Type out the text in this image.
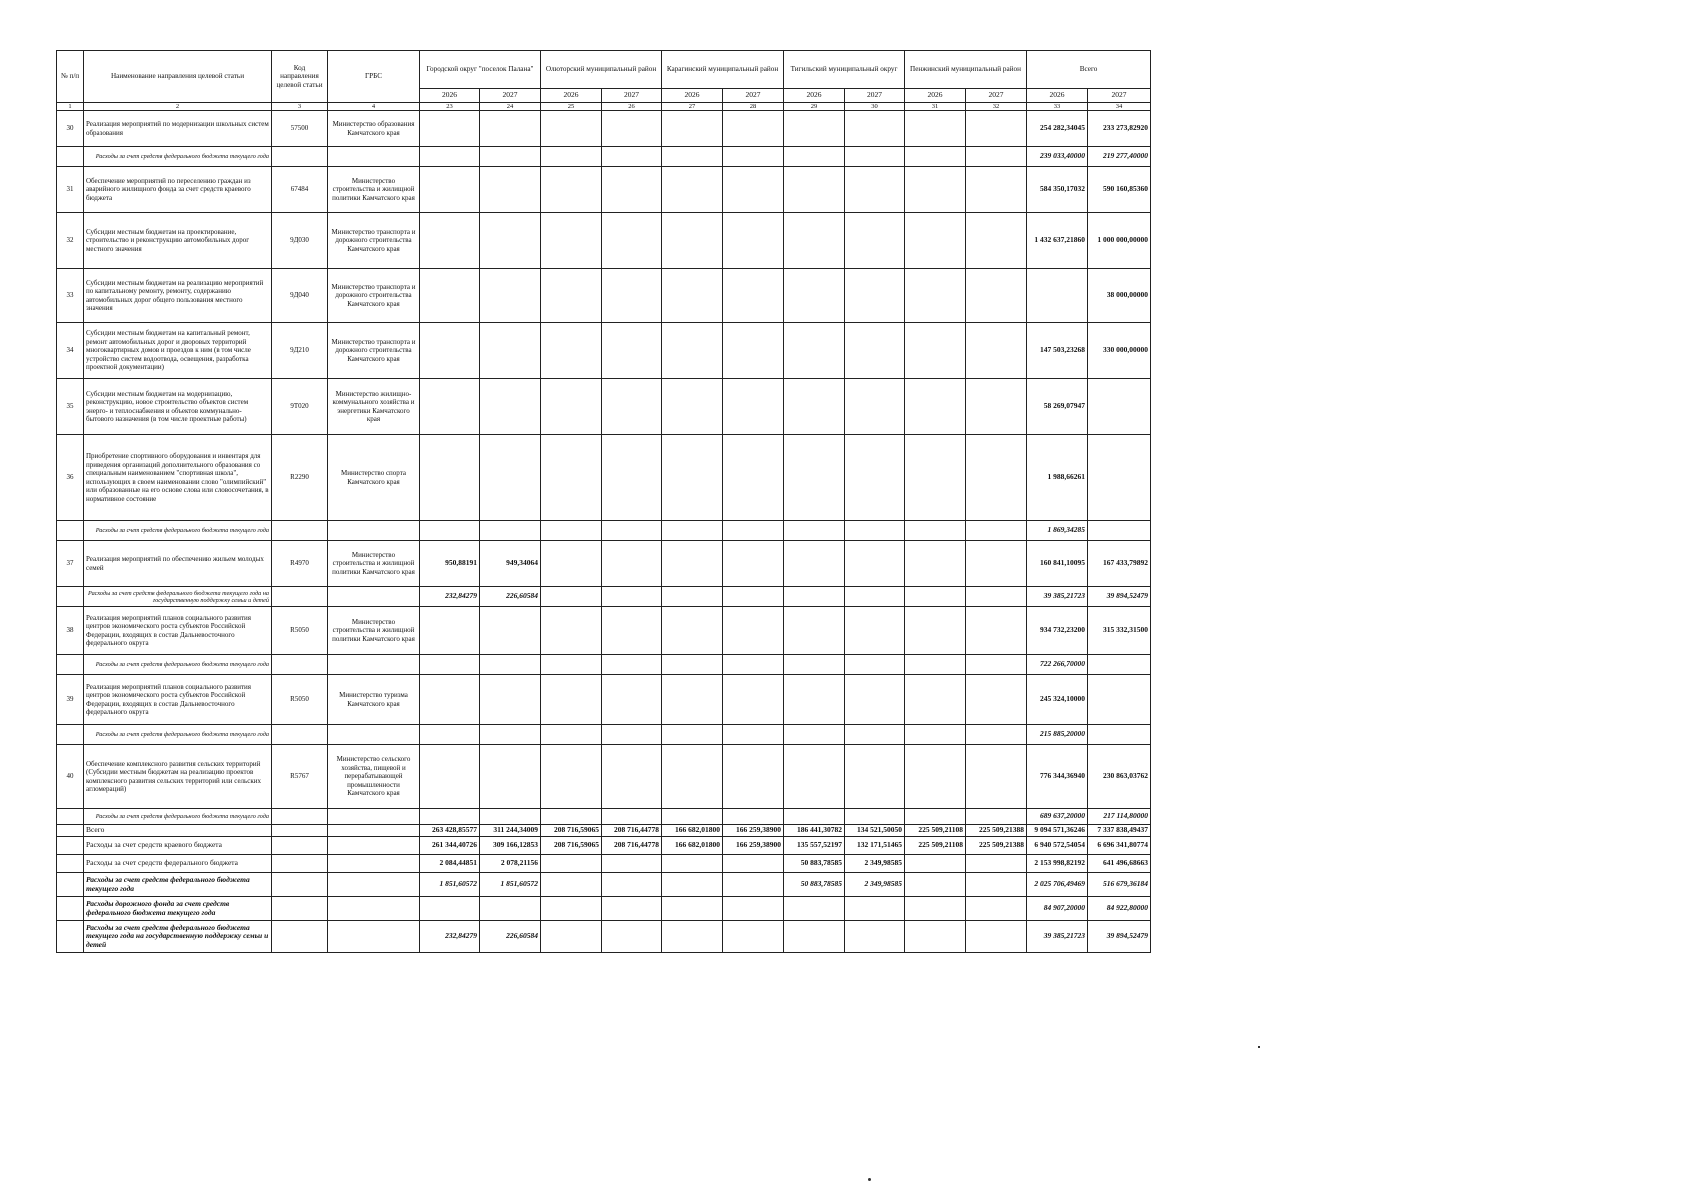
№ п/п	Наименование направления целевой статьи	Код направления целевой статьи	ГРБС	Городской округ "поселок Палана"		Олюторский муниципальный район		Карагинский муниципальный район		Тигильский муниципальный округ		Пенжинский муниципальный район		Всего	
				2026	2027	2026	2027	2026	2027	2026	2027	2026	2027	2026	2027
1	2	3	4	23	24	25	26	27	28	29	30	31	32	33	34
30	Реализация мероприятий по модернизации школьных систем образования	57500	Министерство образования Камчатского края											254 282,34045	233 273,82920
	Расходы за счет средств федерального бюджета текущего года													239 033,40000	219 277,40000
31	Обеспечение мероприятий по переселению граждан из аварийного жилищного фонда за счет средств краевого бюджета	67484	Министерство строительства и жилищной политики Камчатского края											584 350,17032	590 160,85360
32	Субсидии местным бюджетам на проектирование, строительство и реконструкцию автомобильных дорог местного значения	9Д030	Министерство транспорта и дорожного строительства Камчатского края											1 432 637,21860	1 000 000,00000
33	Субсидии местным бюджетам на реализацию мероприятий по капитальному ремонту, ремонту, содержанию автомобильных дорог общего пользования местного значения	9Д040	Министерство транспорта и дорожного строительства Камчатского края												38 000,00000
34	Субсидии местным бюджетам на капитальный ремонт, ремонт автомобильных дорог и дворовых территорий многоквартирных домов и проездов к ним (в том числе устройство систем водоотвода, освещения, разработка проектной документации)	9Д210	Министерство транспорта и дорожного строительства Камчатского края											147 503,23268	330 000,00000
35	Субсидии местным бюджетам на модернизацию, реконструкцию, новое строительство объектов систем энерго- и теплоснабжения и объектов коммунально-бытового назначения (в том числе проектные работы)	9Т020	Министерство жилищно-коммунального хозяйства и энергетики Камчатского края											58 269,07947	
36	Приобретение спортивного оборудования и инвентаря для приведения организаций дополнительного образования со специальным наименованием "спортивная школа", использующих в своем наименовании слово "олимпийский" или образованные на его основе слова или словосочетания, в нормативное состояние	R2290	Министерство спорта Камчатского края											1 988,66261	
	Расходы за счет средств федерального бюджета текущего года													1 869,34285	
37	Реализация мероприятий по обеспечению жильем молодых семей	R4970	Министерство строительства и жилищной политики Камчатского края	950,88191	949,34064									160 841,10095	167 433,79892
	Расходы за счет средств федерального бюджета текущего года на государственную поддержку семьи и детей			232,84279	226,60584									39 385,21723	39 894,52479
38	Реализация мероприятий планов социального развития центров экономического роста субъектов Российской Федерации, входящих в состав Дальневосточного федерального округа	R5050	Министерство строительства и жилищной политики Камчатского края											934 732,23200	315 332,31500
	Расходы за счет средств федерального бюджета текущего года													722 266,70000	
39	Реализация мероприятий планов социального развития центров экономического роста субъектов Российской Федерации, входящих в состав Дальневосточного федерального округа	R5050	Министерство туризма Камчатского края											245 324,10000	
	Расходы за счет средств федерального бюджета текущего года													215 885,20000	
40	Обеспечение комплексного развития сельских территорий (Субсидии местным бюджетам на реализацию проектов комплексного развития сельских территорий или сельских агломераций)	R5767	Министерство сельского хозяйства, пищевой и перерабатывающей промышленности Камчатского края											776 344,36940	230 863,03762
	Расходы за счет средств федерального бюджета текущего года													689 637,20000	217 114,80000
	Всего			263 428,85577	311 244,34009	208 716,59065	208 716,44778	166 682,01800	166 259,38900	186 441,30782	134 521,50050	225 509,21108	225 509,21388	9 094 571,36246	7 337 838,49437
	Расходы за счет средств краевого бюджета			261 344,40726	309 166,12853	208 716,59065	208 716,44778	166 682,01800	166 259,38900	135 557,52197	132 171,51465	225 509,21108	225 509,21388	6 940 572,54054	6 696 341,80774
	Расходы за счет средств федерального бюджета			2 084,44851	2 078,21156					50 883,78585	2 349,98585			2 153 998,82192	641 496,68663
	Расходы за счет средств федерального бюджета текущего года			1 851,60572	1 851,60572					50 883,78585	2 349,98585			2 025 706,49469	516 679,36184
	Расходы дорожного фонда за счет средств федерального бюджета текущего года													84 907,20000	84 922,80000
	Расходы за счет средств федерального бюджета текущего года на государственную поддержку семьи и детей			232,84279	226,60584									39 385,21723	39 894,52479
